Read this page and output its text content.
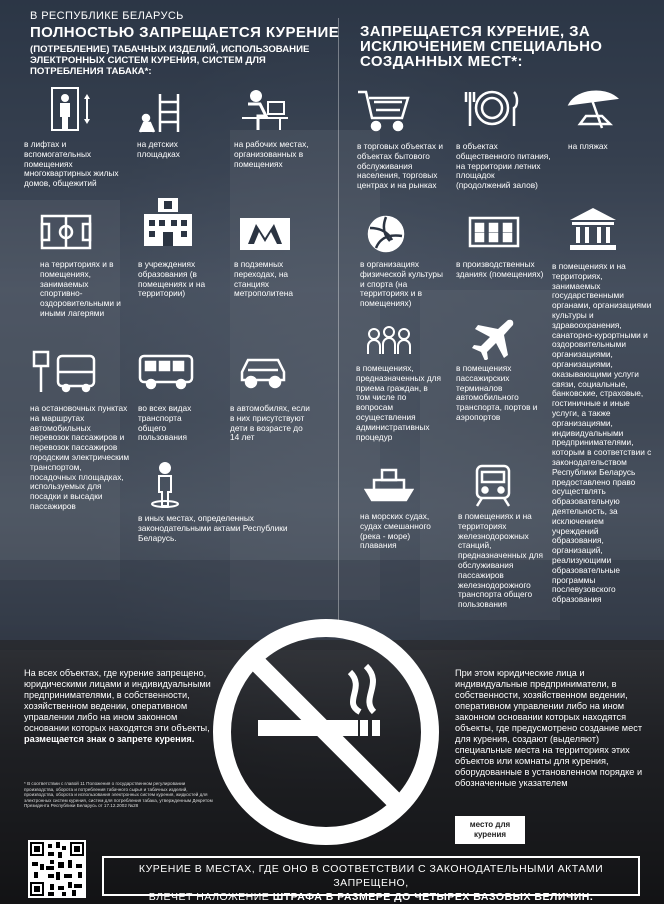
В РЕСПУБЛИКЕ БЕЛАРУСЬ
ПОЛНОСТЬЮ ЗАПРЕЩАЕТСЯ КУРЕНИЕ
(ПОТРЕБЛЕНИЕ) ТАБАЧНЫХ ИЗДЕЛИЙ, ИСПОЛЬЗОВАНИЕ ЭЛЕКТРОННЫХ СИСТЕМ КУРЕНИЯ, СИСТЕМ ДЛЯ ПОТРЕБЛЕНИЯ ТАБАКА*:
в лифтах и вспомогательных помещениях многоквартирных жилых домов, общежитий
на детских площадках
на рабочих местах, организованных в помещениях
на территориях и в помещениях, занимаемых спортивно-оздоровительными и иными лагерями
в учреждениях образования (в помещениях и на территории)
в подземных переходах, на станциях метрополитена
на остановочных пунктах на маршрутах автомобильных перевозок пассажиров и перевозок пассажиров городским электрическим транспортом, посадочных площадках, используемых для посадки и высадки пассажиров
во всех видах транспорта общего пользования
в автомобилях, если в них присутствуют дети в возрасте до 14 лет
в иных местах, определенных законодательными актами Республики Беларусь.
ЗАПРЕЩАЕТСЯ КУРЕНИЕ, ЗА ИСКЛЮЧЕНИЕМ СПЕЦИАЛЬНО СОЗДАННЫХ МЕСТ*:
в торговых объектах и объектах бытового обслуживания населения, торговых центрах и на рынках
в объектах общественного питания, на территории летних площадок (продолжений залов)
на пляжах
в организациях физической культуры и спорта (на территориях и в помещениях)
в производственных зданиях (помещениях)
в помещениях и на территориях, занимаемых государственными органами, организациями культуры и здравоохранения, санаторно-курортными и оздоровительными организациями, организациями, оказывающими услуги связи, социальные, банковские, страховые, гостиничные и иные услуги, а также организациями, индивидуальными предпринимателями, которым в соответствии с законодательством Республики Беларусь предоставлено право осуществлять образовательную деятельность, за исключением учреждений образования, организаций, реализующими образовательные программы послевузовского образования
в помещениях, предназначенных для приема граждан, в том числе по вопросам осуществления административных процедур
в помещениях пассажирских терминалов автомобильного транспорта, портов и аэропортов
на морских судах, судах смешанного (река - море) плавания
в помещениях и на территориях железнодорожных станций, предназначенных для обслуживания пассажиров железнодорожного транспорта общего пользования
На всех объектах, где курение запрещено, юридическими лицами и индивидуальными предпринимателями, в собственности, хозяйственном ведении, оперативном управлении либо на ином законном основании которых находятся эти объекты, размещается знак о запрете курения.
* В соответствии с главой 11 Положения о государственном регулировании производства, оборота и потребления табачного сырья и табачных изделий, производства, оборота и использования электронных систем курения, жидкостей для электронных систем курения, систем для потребления табака, утвержденным Декретом Президента Республики Беларусь от 17.12.2002 №28
При этом юридические лица и индивидуальные предприниматели, в собственности, хозяйственном ведении, оперативном управлении либо на ином законном основании которых находятся объекты, где предусмотрено создание мест для курения, создают (выделяют) специальные места на территориях этих объектов или комнаты для курения, оборудованные в установленном порядке и обозначенные указателем
место для курения
КУРЕНИЕ В МЕСТАХ, ГДЕ ОНО В СООТВЕТСТВИИ С ЗАКОНОДАТЕЛЬНЫМИ АКТАМИ ЗАПРЕЩЕНО,
ВЛЕЧЕТ НАЛОЖЕНИЕ ШТРАФА В РАЗМЕРЕ ДО ЧЕТЫРЕХ БАЗОВЫХ ВЕЛИЧИН.
